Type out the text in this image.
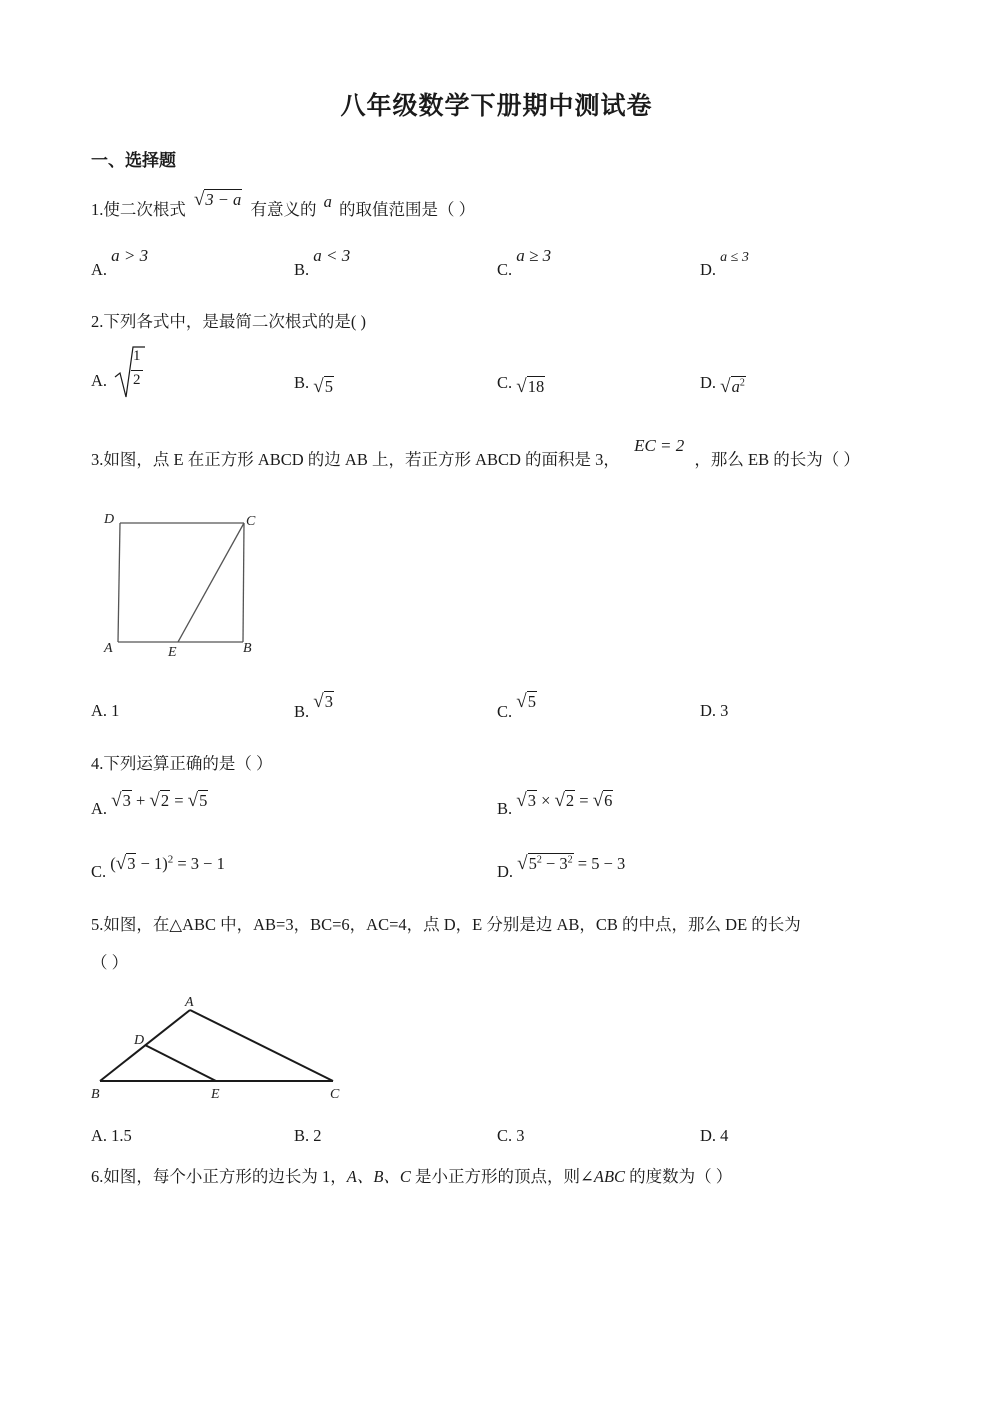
八年级数学下册期中测试卷
一、选择题
1.使二次根式 √3 − a 有意义的 a 的取值范围是（ ）
A. a > 3
B. a < 3
C. a ≥ 3
D. a ≤ 3
2.下列各式中，是最简二次根式的是( )
A.
1
2	B. √5	C. √18	D. $√a^2$
3.如图，点 E 在正方形 ABCD 的边 AB 上，若正方形 ABCD 的面积是 3， EC = 2 ，那么 EB 的长为（ ）
D	C
A	E	B
A. 1	B. √3
C. √5	D. 3
4.下列运算正确的是（ ）
A. √3 + √2 = √5	B. √3 × √2 = √6
C. $(√3 - 1)^2 = 3 - 1$	D. $√5^2 - 3^2 = 5 - 3$
5.如图，在△ABC 中，AB=3，BC=6，AC=4，点 D，E 分别是边 AB，CB 的中点，那么 DE 的长为
（ ）
A
D
B	E	C
A. 1.5	B. 2	C. 3	D. 4
6.如图，每个小正方形的边长为 1，A、B、C 是小正方形的顶点，则∠ABC 的度数为（ ）
